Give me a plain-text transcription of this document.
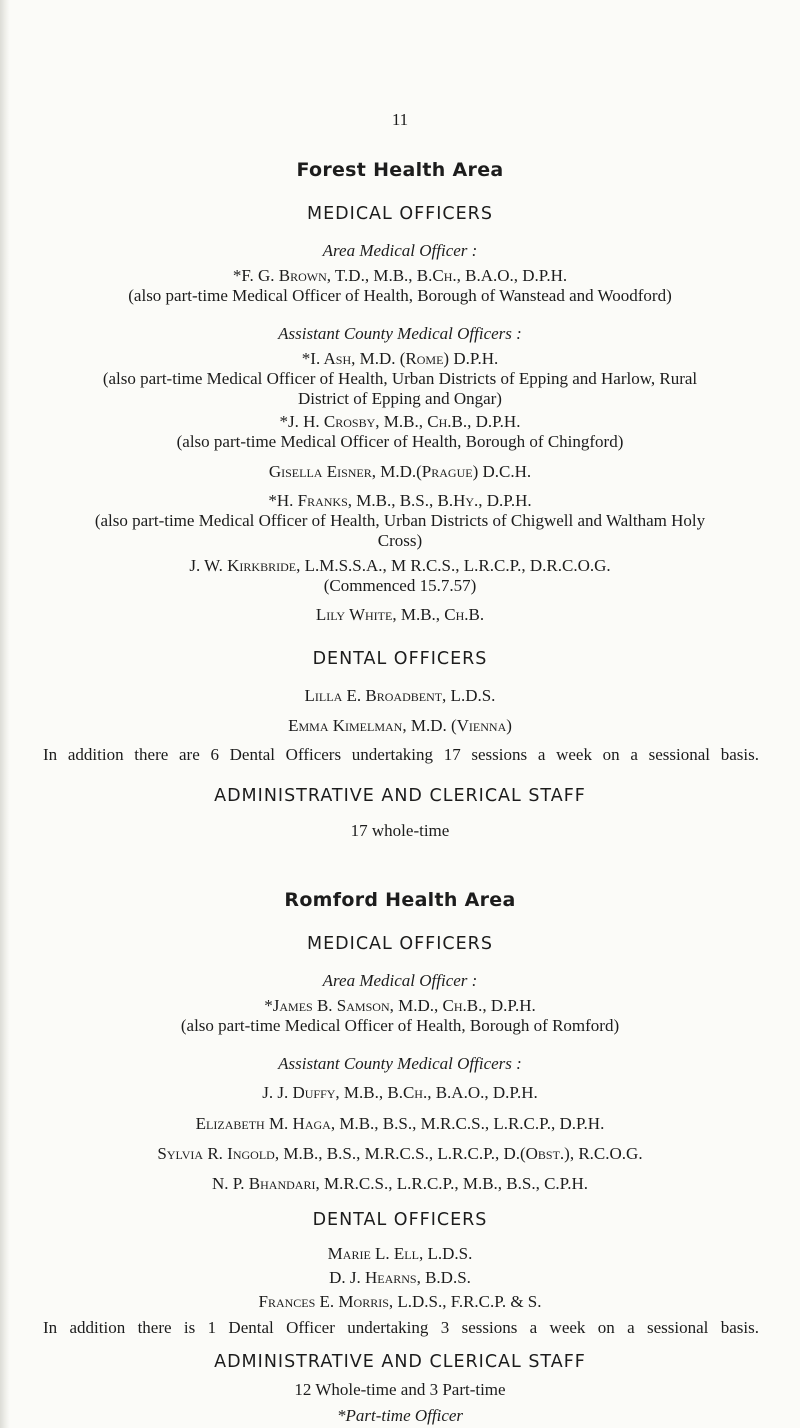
11
Forest Health Area
MEDICAL OFFICERS
Area Medical Officer :
*F. G. Brown, T.D., M.B., B.Ch., B.A.O., D.P.H.
(also part-time Medical Officer of Health, Borough of Wanstead and Woodford)
Assistant County Medical Officers :
*I. Ash, M.D. (Rome) D.P.H.
(also part-time Medical Officer of Health, Urban Districts of Epping and Harlow, Rural
District of Epping and Ongar)
*J. H. Crosby, M.B., Ch.B., D.P.H.
(also part-time Medical Officer of Health, Borough of Chingford)
Gisella Eisner, M.D.(Prague) D.C.H.
*H. Franks, M.B., B.S., B.Hy., D.P.H.
(also part-time Medical Officer of Health, Urban Districts of Chigwell and Waltham Holy
Cross)
J. W. Kirkbride, L.M.S.S.A., M R.C.S., L.R.C.P., D.R.C.O.G.
(Commenced 15.7.57)
Lily White, M.B., Ch.B.
DENTAL OFFICERS
Lilla E. Broadbent, L.D.S.
Emma Kimelman, M.D. (Vienna)
In addition there are 6 Dental Officers undertaking 17 sessions a week on a sessional basis.
ADMINISTRATIVE AND CLERICAL STAFF
17 whole-time
Romford Health Area
MEDICAL OFFICERS
Area Medical Officer :
*James B. Samson, M.D., Ch.B., D.P.H.
(also part-time Medical Officer of Health, Borough of Romford)
Assistant County Medical Officers :
J. J. Duffy, M.B., B.Ch., B.A.O., D.P.H.
Elizabeth M. Haga, M.B., B.S., M.R.C.S., L.R.C.P., D.P.H.
Sylvia R. Ingold, M.B., B.S., M.R.C.S., L.R.C.P., D.(Obst.), R.C.O.G.
N. P. Bhandari, M.R.C.S., L.R.C.P., M.B., B.S., C.P.H.
DENTAL OFFICERS
Marie L. Ell, L.D.S.
D. J. Hearns, B.D.S.
Frances E. Morris, L.D.S., F.R.C.P. & S.
In addition there is 1 Dental Officer undertaking 3 sessions a week on a sessional basis.
ADMINISTRATIVE AND CLERICAL STAFF
12 Whole-time and 3 Part-time
*Part-time Officer
